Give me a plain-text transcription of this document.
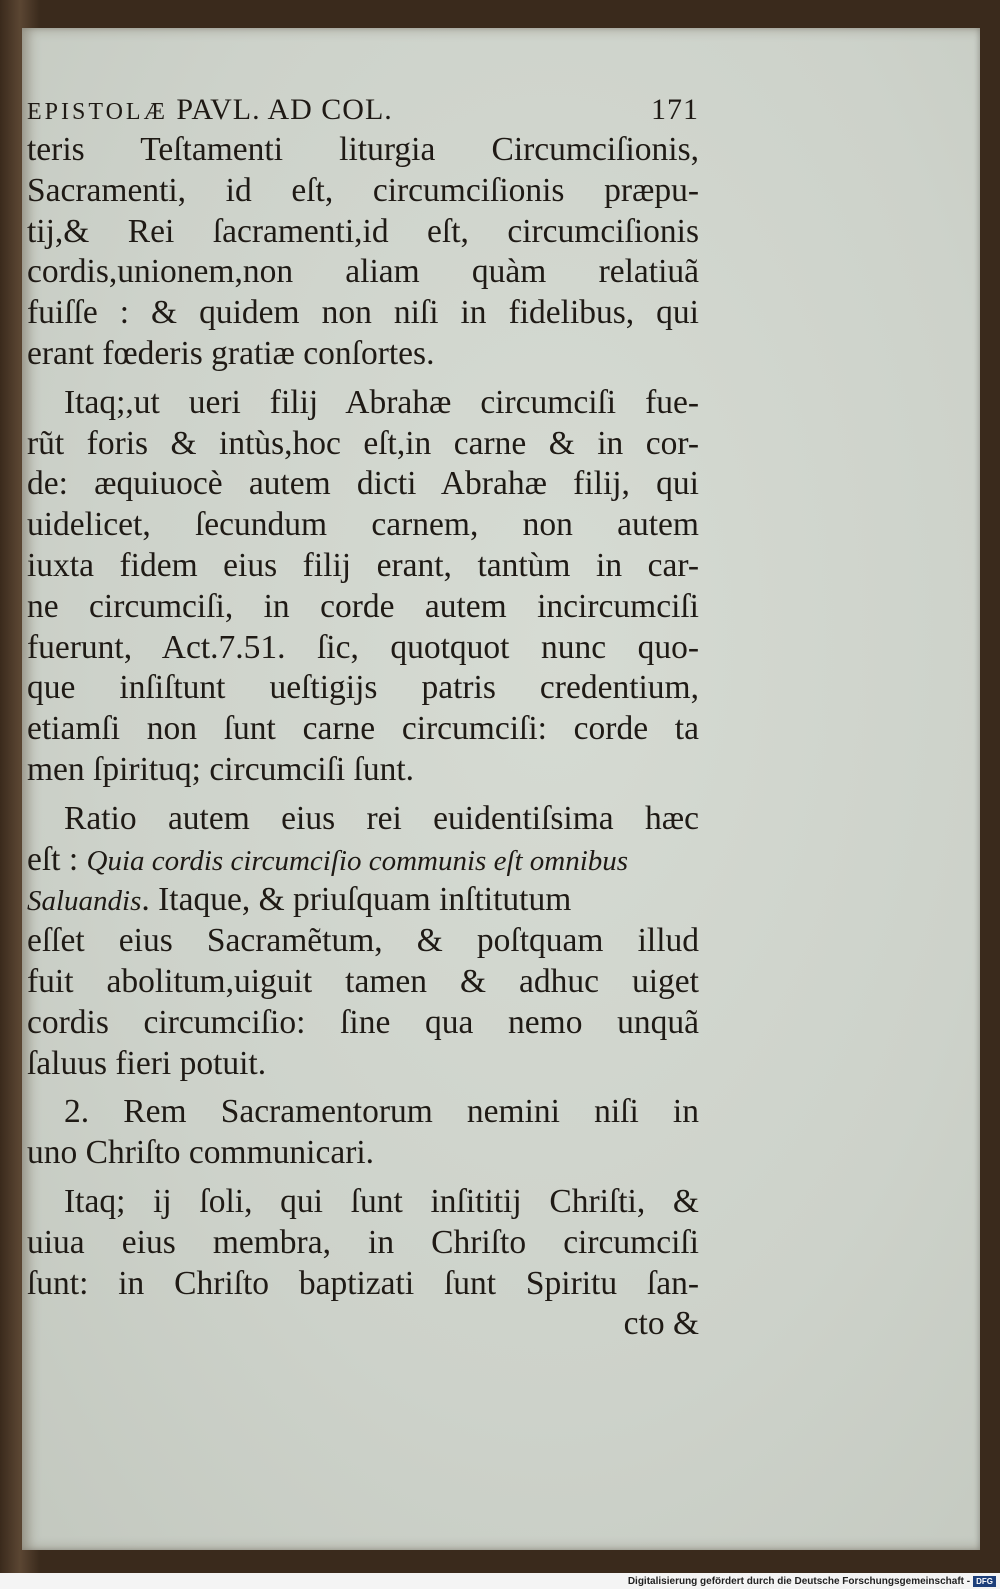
EPISTOLÆ PAVL. AD COL.	171
teris Teſtamenti liturgia Circumciſionis,
Sacramenti, id eſt, circumciſionis præpu-
tij,& Rei ſacramenti,id eſt, circumciſionis
cordis,unionem,non aliam quàm relatiuã
fuiſſe : & quidem non niſi in fidelibus, qui
erant fœderis gratiæ conſortes.
Itaq;,ut ueri filij Abrahæ circumciſi fue-
rũt foris & intùs,hoc eſt,in carne & in cor-
de: æquiuocè autem dicti Abrahæ filij, qui
uidelicet, ſecundum carnem, non autem
iuxta fidem eius filij erant, tantùm in car-
ne circumciſi, in corde autem incircumciſi
fuerunt, Act.7.51. ſic, quotquot nunc quo-
que inſiſtunt ueſtigijs patris credentium,
etiamſi non ſunt carne circumciſi: corde ta
men ſpirituq; circumciſi ſunt.
Ratio autem eius rei euidentiſsima hæc
eſt : Quia cordis circumciſio communis eſt omnibus
Saluandis. Itaque, & priuſquam inſtitutum
eſſet eius Sacramẽtum, & poſtquam illud
fuit abolitum,uiguit tamen & adhuc uiget
cordis circumciſio: ſine qua nemo unquã
ſaluus fieri potuit.
2. Rem Sacramentorum nemini niſi in
uno Chriſto communicari.
Itaq; ij ſoli, qui ſunt inſititij Chriſti, &
uiua eius membra, in Chriſto circumciſi
ſunt: in Chriſto baptizati ſunt Spiritu ſan-
cto &
Digitalisierung gefördert durch die Deutsche Forschungsgemeinschaft - DFG
